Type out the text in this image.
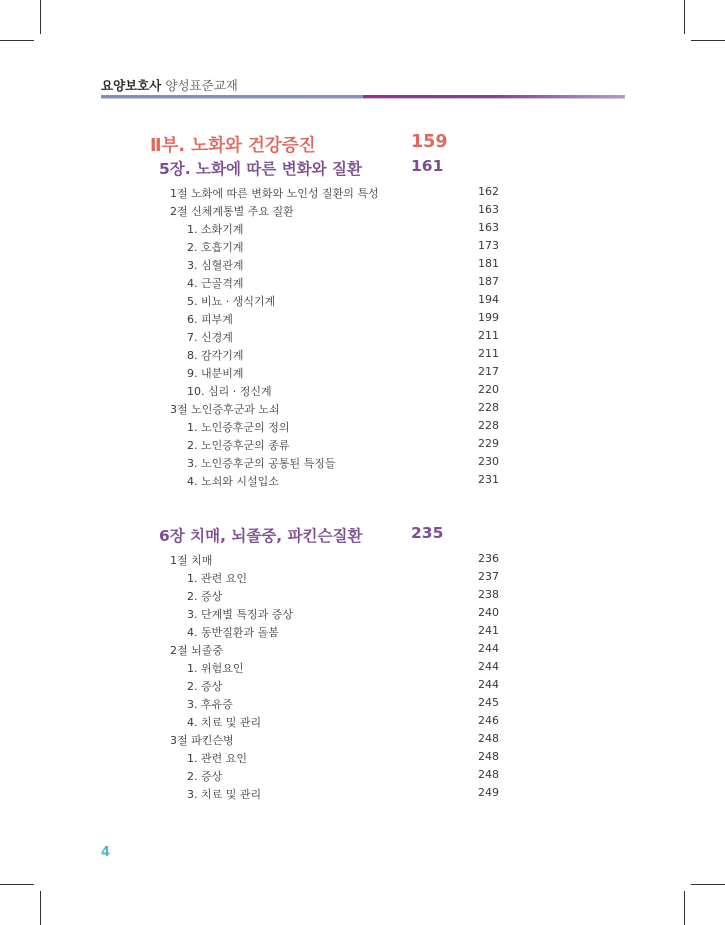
요양보호사 양성표준교재
Ⅱ부. 노화와 건강증진	159
5장. 노화에 따른 변화와 질환	161
1절 노화에 따른 변화와 노인성 질환의 특성	162
2절 신체계통별 주요 질환	163
1. 소화기계	163
2. 호흡기계	173
3. 심혈관계	181
4. 근골격계	187
5. 비뇨 · 생식기계	194
6. 피부계	199
7. 신경계	211
8. 감각기계	211
9. 내분비계	217
10. 심리 · 정신계	220
3절 노인증후군과 노쇠	228
1. 노인증후군의 정의	228
2. 노인증후군의 종류	229
3. 노인증후군의 공통된 특징들	230
4. 노쇠와 시설입소	231
6장 치매, 뇌졸중, 파킨슨질환	235
1절 치매	236
1. 관련 요인	237
2. 증상	238
3. 단계별 특징과 증상	240
4. 동반질환과 돌봄	241
2절 뇌졸중	244
1. 위험요인	244
2. 증상	244
3. 후유증	245
4. 치료 및 관리	246
3절 파킨슨병	248
1. 관련 요인	248
2. 증상	248
3. 치료 및 관리	249
4
